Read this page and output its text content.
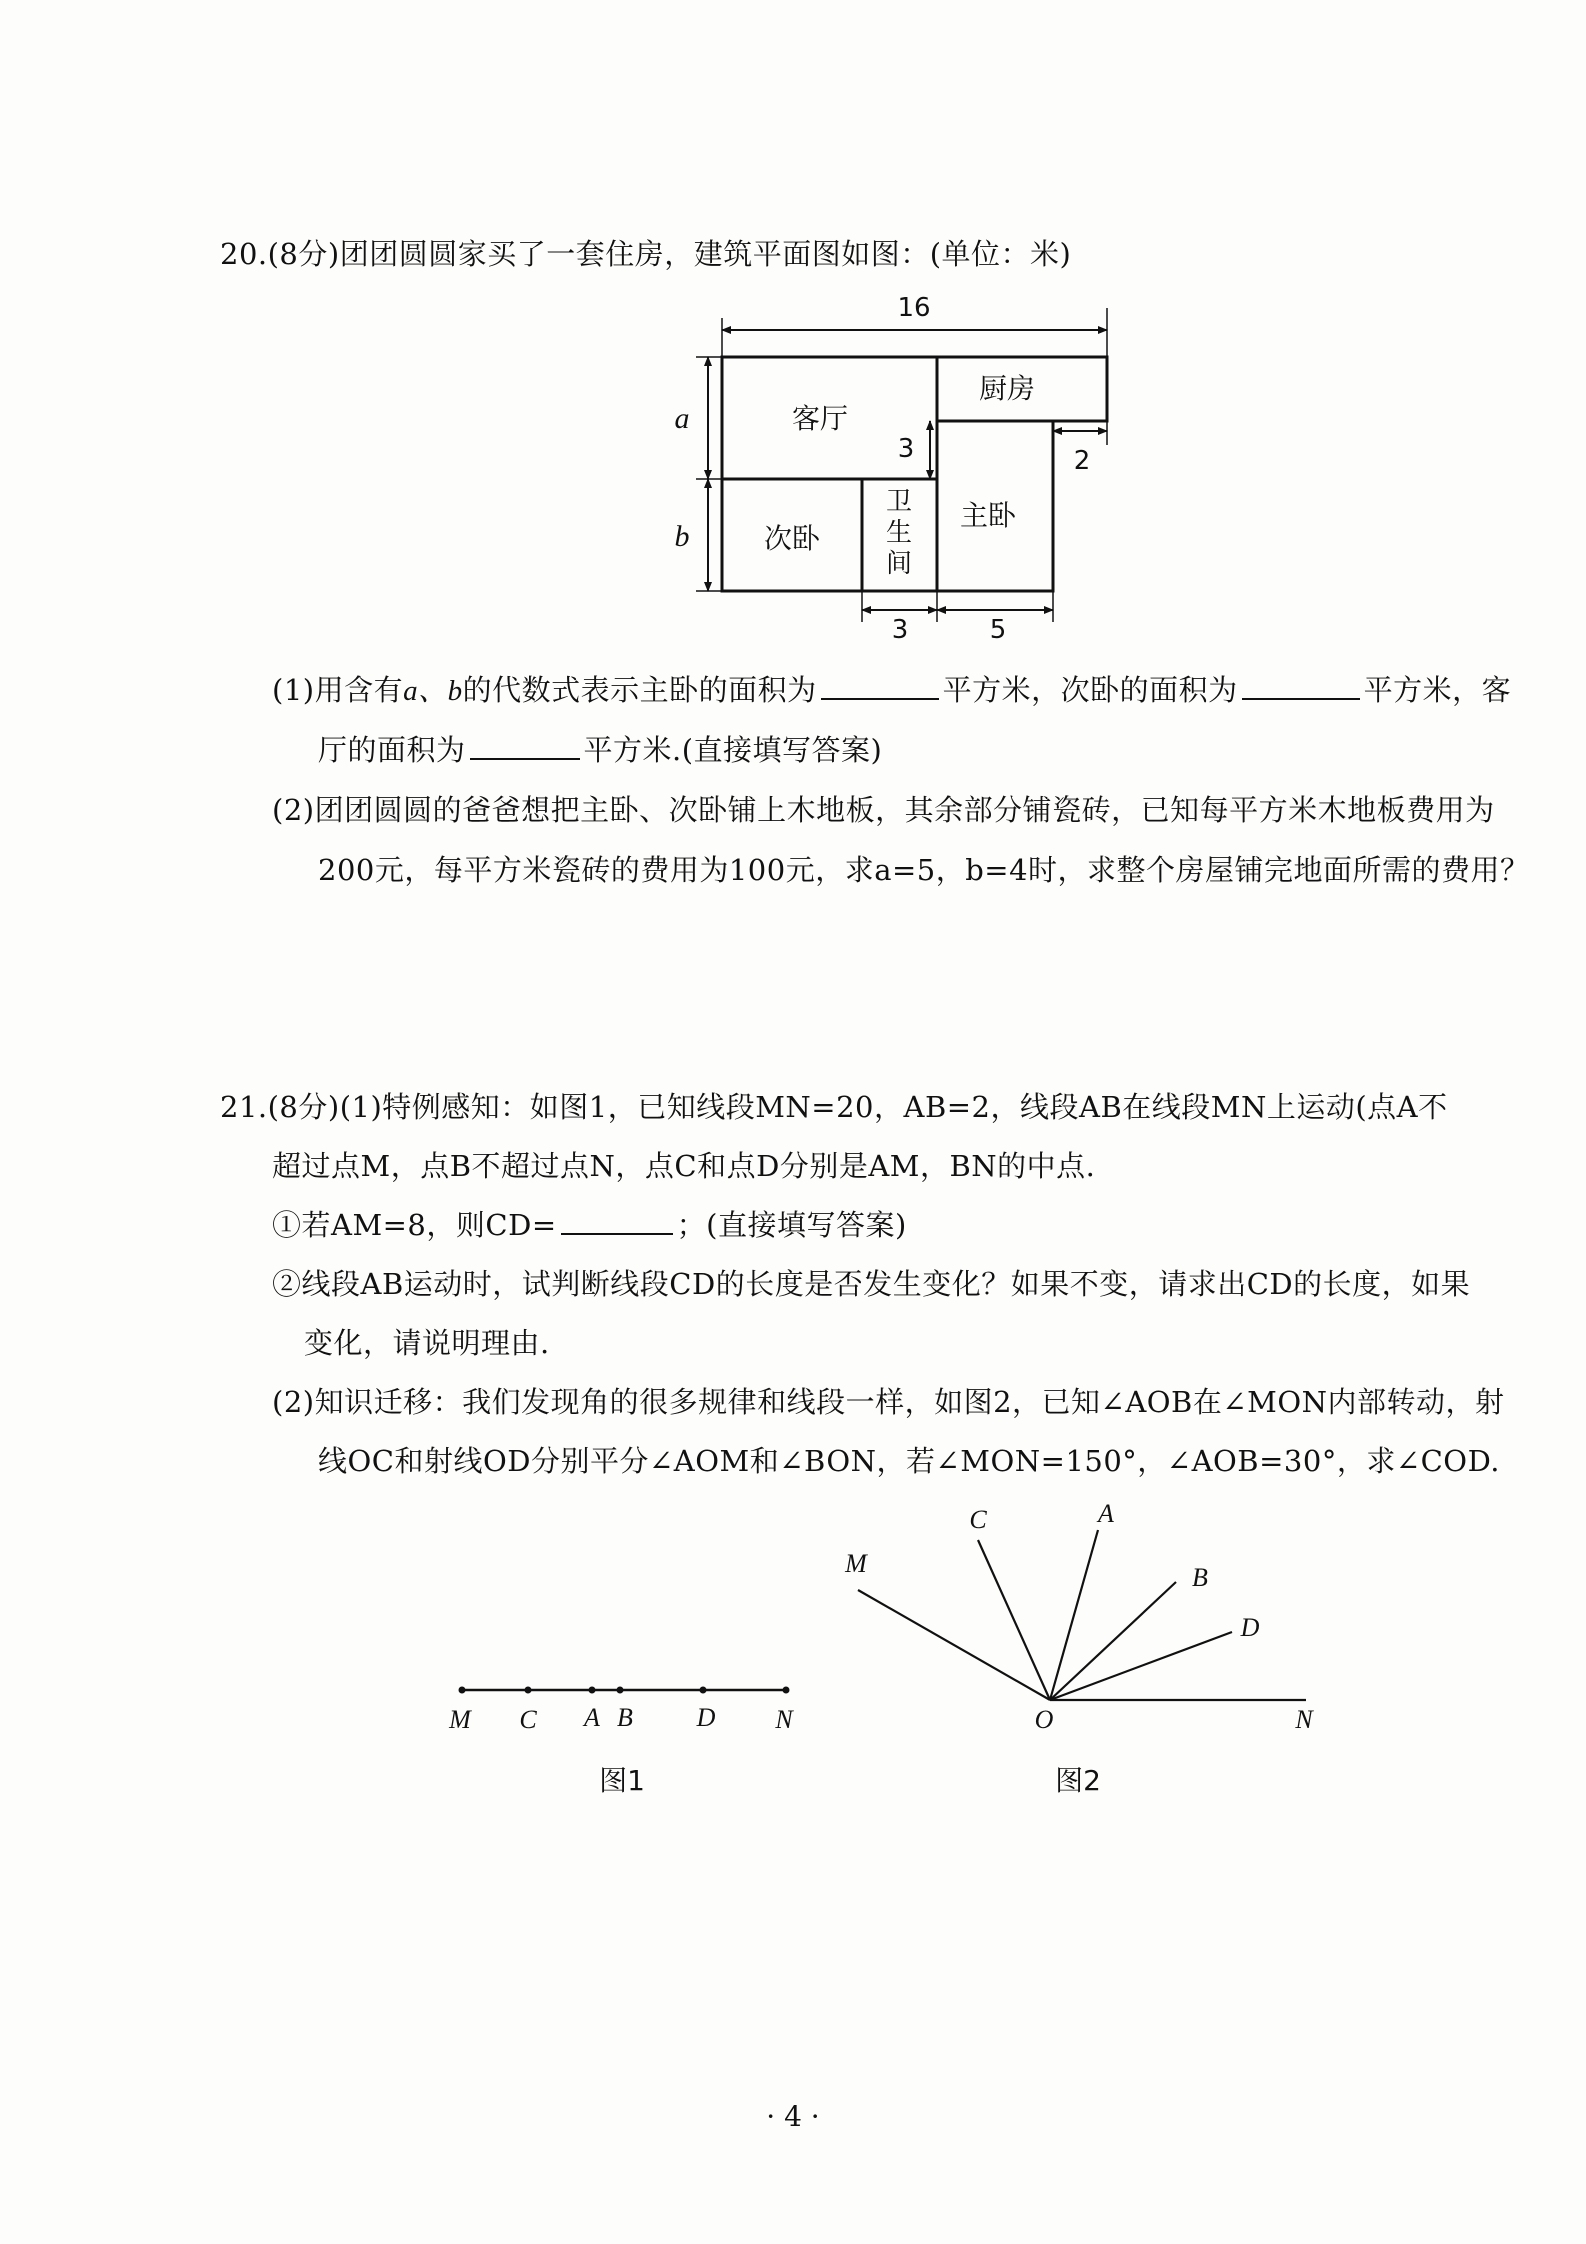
20.(8分)团团圆圆家买了一套住房，建筑平面图如图：(单位：米)
16
a
b
3	2
3	5
客厅
厨房
次卧
卫
生
间
主卧
(1)用含有a、b的代数式表示主卧的面积为	平方米，次卧的面积为	平方米，客
厅的面积为	平方米.(直接填写答案)
(2)团团圆圆的爸爸想把主卧、次卧铺上木地板，其余部分铺瓷砖，已知每平方米木地板费用为
200元，每平方米瓷砖的费用为100元，求a=5，b=4时，求整个房屋铺完地面所需的费用？
21.(8分)(1)特例感知：如图1，已知线段MN=20，AB=2，线段AB在线段MN上运动(点A不
超过点M，点B不超过点N，点C和点D分别是AM，BN的中点.
①若AM=8，则CD=	；(直接填写答案)
②线段AB运动时，试判断线段CD的长度是否发生变化？如果不变，请求出CD的长度，如果
变化，请说明理由.
(2)知识迁移：我们发现角的很多规律和线段一样，如图2，已知∠AOB在∠MON内部转动，射
线OC和射线OD分别平分∠AOM和∠BON，若∠MON=150°，∠AOB=30°，求∠COD.
M C A B D N
图1
M
C	A
B
D
O	N
图2
· 4 ·
